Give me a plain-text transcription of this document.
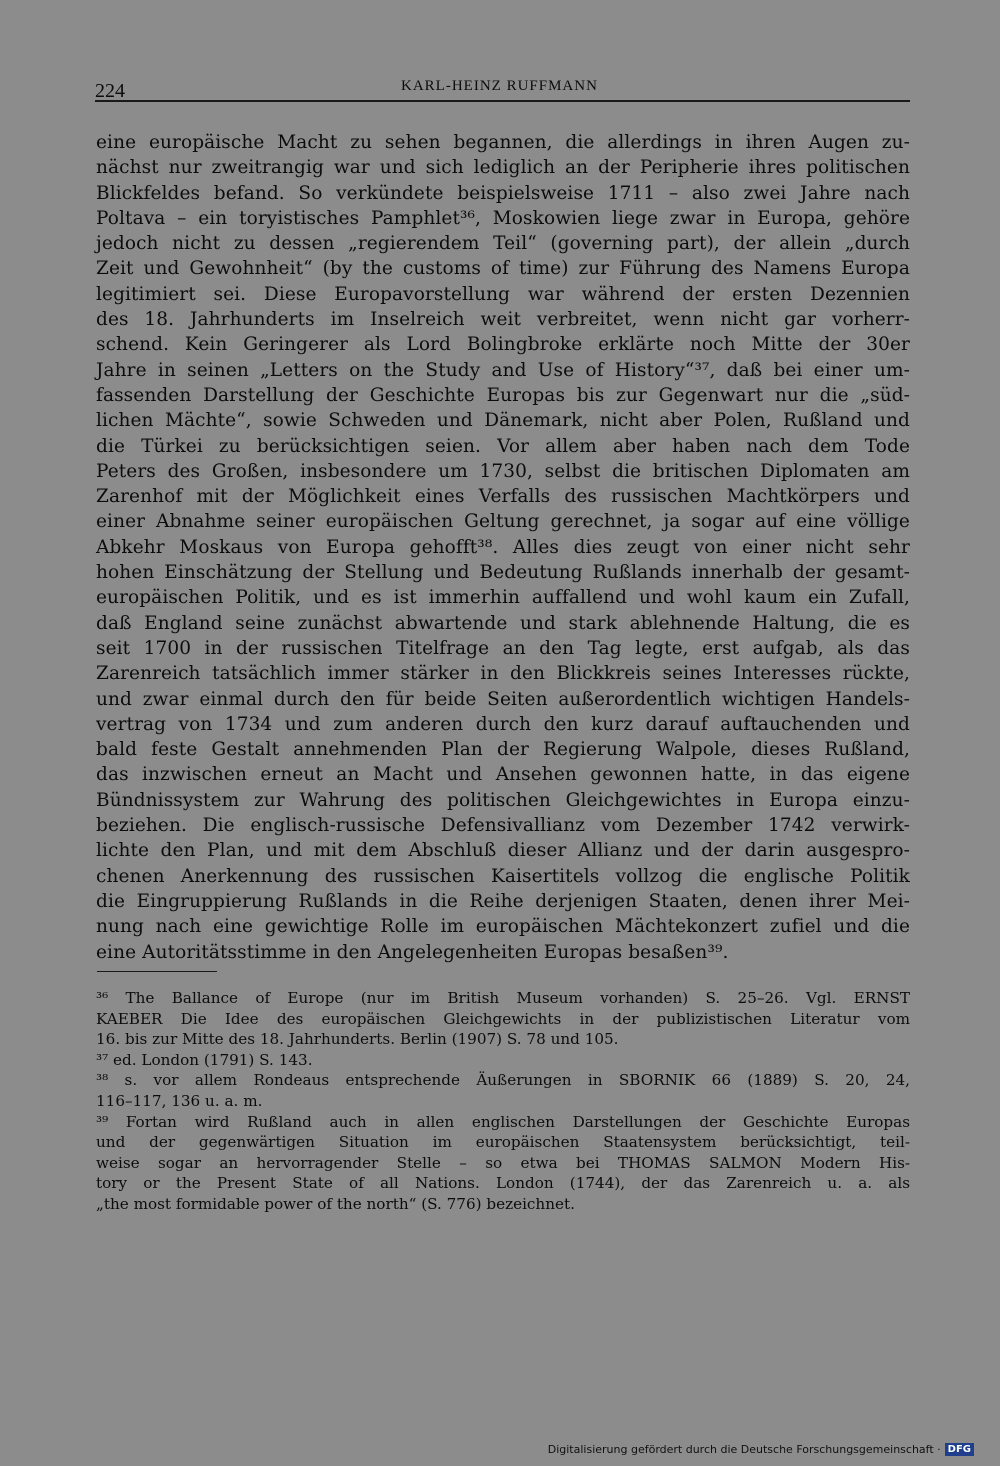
224	KARL-HEINZ RUFFMANN
eine europäische Macht zu sehen begannen, die allerdings in ihren Augen zu-
nächst nur zweitrangig war und sich lediglich an der Peripherie ihres politischen
Blickfeldes befand. So verkündete beispielsweise 1711 – also zwei Jahre nach
Poltava – ein toryistisches Pamphlet³⁶, Moskowien liege zwar in Europa, gehöre
jedoch nicht zu dessen „regierendem Teil“ (governing part), der allein „durch
Zeit und Gewohnheit“ (by the customs of time) zur Führung des Namens Europa
legitimiert sei. Diese Europavorstellung war während der ersten Dezennien
des 18. Jahrhunderts im Inselreich weit verbreitet, wenn nicht gar vorherr-
schend. Kein Geringerer als Lord Bolingbroke erklärte noch Mitte der 30er
Jahre in seinen „Letters on the Study and Use of History“³⁷, daß bei einer um-
fassenden Darstellung der Geschichte Europas bis zur Gegenwart nur die „süd-
lichen Mächte“, sowie Schweden und Dänemark, nicht aber Polen, Rußland und
die Türkei zu berücksichtigen seien. Vor allem aber haben nach dem Tode
Peters des Großen, insbesondere um 1730, selbst die britischen Diplomaten am
Zarenhof mit der Möglichkeit eines Verfalls des russischen Machtkörpers und
einer Abnahme seiner europäischen Geltung gerechnet, ja sogar auf eine völlige
Abkehr Moskaus von Europa gehofft³⁸. Alles dies zeugt von einer nicht sehr
hohen Einschätzung der Stellung und Bedeutung Rußlands innerhalb der gesamt-
europäischen Politik, und es ist immerhin auffallend und wohl kaum ein Zufall,
daß England seine zunächst abwartende und stark ablehnende Haltung, die es
seit 1700 in der russischen Titelfrage an den Tag legte, erst aufgab, als das
Zarenreich tatsächlich immer stärker in den Blickkreis seines Interesses rückte,
und zwar einmal durch den für beide Seiten außerordentlich wichtigen Handels-
vertrag von 1734 und zum anderen durch den kurz darauf auftauchenden und
bald feste Gestalt annehmenden Plan der Regierung Walpole, dieses Rußland,
das inzwischen erneut an Macht und Ansehen gewonnen hatte, in das eigene
Bündnissystem zur Wahrung des politischen Gleichgewichtes in Europa einzu-
beziehen. Die englisch-russische Defensivallianz vom Dezember 1742 verwirk-
lichte den Plan, und mit dem Abschluß dieser Allianz und der darin ausgespro-
chenen Anerkennung des russischen Kaisertitels vollzog die englische Politik
die Eingruppierung Rußlands in die Reihe derjenigen Staaten, denen ihrer Mei-
nung nach eine gewichtige Rolle im europäischen Mächtekonzert zufiel und die
eine Autoritätsstimme in den Angelegenheiten Europas besaßen³⁹.
³⁶ The Ballance of Europe (nur im British Museum vorhanden) S. 25–26. Vgl. ERNST
KAEBER Die Idee des europäischen Gleichgewichts in der publizistischen Literatur vom
16. bis zur Mitte des 18. Jahrhunderts. Berlin (1907) S. 78 und 105.
³⁷ ed. London (1791) S. 143.
³⁸ s. vor allem Rondeaus entsprechende Äußerungen in SBORNIK 66 (1889) S. 20, 24,
116–117, 136 u. a. m.
³⁹ Fortan wird Rußland auch in allen englischen Darstellungen der Geschichte Europas
und der gegenwärtigen Situation im europäischen Staatensystem berücksichtigt, teil-
weise sogar an hervorragender Stelle – so etwa bei THOMAS SALMON Modern His-
tory or the Present State of all Nations. London (1744), der das Zarenreich u. a. als
„the most formidable power of the north“ (S. 776) bezeichnet.
Digitalisierung gefördert durch die Deutsche Forschungsgemeinschaft · DFG
